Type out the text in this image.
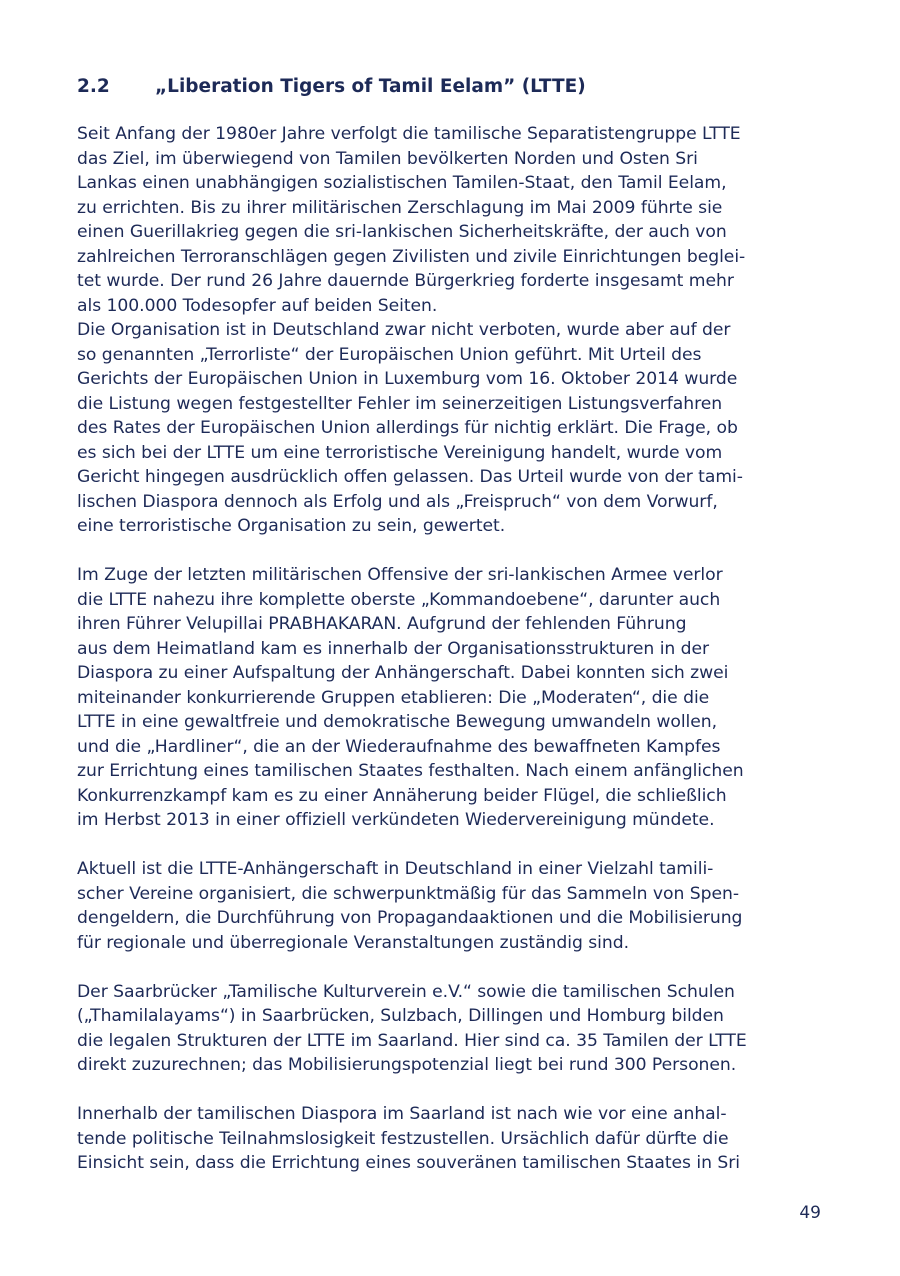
2.2	„Liberation Tigers of Tamil Eelam” (LTTE)

Seit Anfang der 1980er Jahre verfolgt die tamilische Separatistengruppe LTTE
das Ziel, im überwiegend von Tamilen bevölkerten Norden und Osten Sri
Lankas einen unabhängigen sozialistischen Tamilen-Staat, den Tamil Eelam,
zu errichten. Bis zu ihrer militärischen Zerschlagung im Mai 2009 führte sie
einen Guerillakrieg gegen die sri-lankischen Sicherheitskräfte, der auch von
zahlreichen Terroranschlägen gegen Zivilisten und zivile Einrichtungen beglei-
tet wurde. Der rund 26 Jahre dauernde Bürgerkrieg forderte insgesamt mehr
als 100.000 Todesopfer auf beiden Seiten.

Die Organisation ist in Deutschland zwar nicht verboten, wurde aber auf der
so genannten „Terrorliste“ der Europäischen Union geführt. Mit Urteil des
Gerichts der Europäischen Union in Luxemburg vom 16. Oktober 2014 wurde
die Listung wegen festgestellter Fehler im seinerzeitigen Listungsverfahren
des Rates der Europäischen Union allerdings für nichtig erklärt. Die Frage, ob
es sich bei der LTTE um eine terroristische Vereinigung handelt, wurde vom
Gericht hingegen ausdrücklich offen gelassen. Das Urteil wurde von der tami-
lischen Diaspora dennoch als Erfolg und als „Freispruch“ von dem Vorwurf,
eine terroristische Organisation zu sein, gewertet.

Im Zuge der letzten militärischen Offensive der sri-lankischen Armee verlor
die LTTE nahezu ihre komplette oberste „Kommandoebene“, darunter auch
ihren Führer Velupillai PRABHAKARAN. Aufgrund der fehlenden Führung
aus dem Heimatland kam es innerhalb der Organisationsstrukturen in der
Diaspora zu einer Aufspaltung der Anhängerschaft. Dabei konnten sich zwei
miteinander konkurrierende Gruppen etablieren: Die „Moderaten“, die die
LTTE in eine gewaltfreie und demokratische Bewegung umwandeln wollen,
und die „Hardliner“, die an der Wiederaufnahme des bewaffneten Kampfes
zur Errichtung eines tamilischen Staates festhalten. Nach einem anfänglichen
Konkurrenzkampf kam es zu einer Annäherung beider Flügel, die schließlich
im Herbst 2013 in einer offiziell verkündeten Wiedervereinigung mündete.

Aktuell ist die LTTE-Anhängerschaft in Deutschland in einer Vielzahl tamili-
scher Vereine organisiert, die schwerpunktmäßig für das Sammeln von Spen-
dengeldern, die Durchführung von Propagandaaktionen und die Mobilisierung
für regionale und überregionale Veranstaltungen zuständig sind.

Der Saarbrücker „Tamilische Kulturverein e.V.“ sowie die tamilischen Schulen
(„Thamilalayams“) in Saarbrücken, Sulzbach, Dillingen und Homburg bilden
die legalen Strukturen der LTTE im Saarland. Hier sind ca. 35 Tamilen der LTTE
direkt zuzurechnen; das Mobilisierungspotenzial liegt bei rund 300 Personen.

Innerhalb der tamilischen Diaspora im Saarland ist nach wie vor eine anhal-
tende politische Teilnahmslosigkeit festzustellen. Ursächlich dafür dürfte die
Einsicht sein, dass die Errichtung eines souveränen tamilischen Staates in Sri

49
